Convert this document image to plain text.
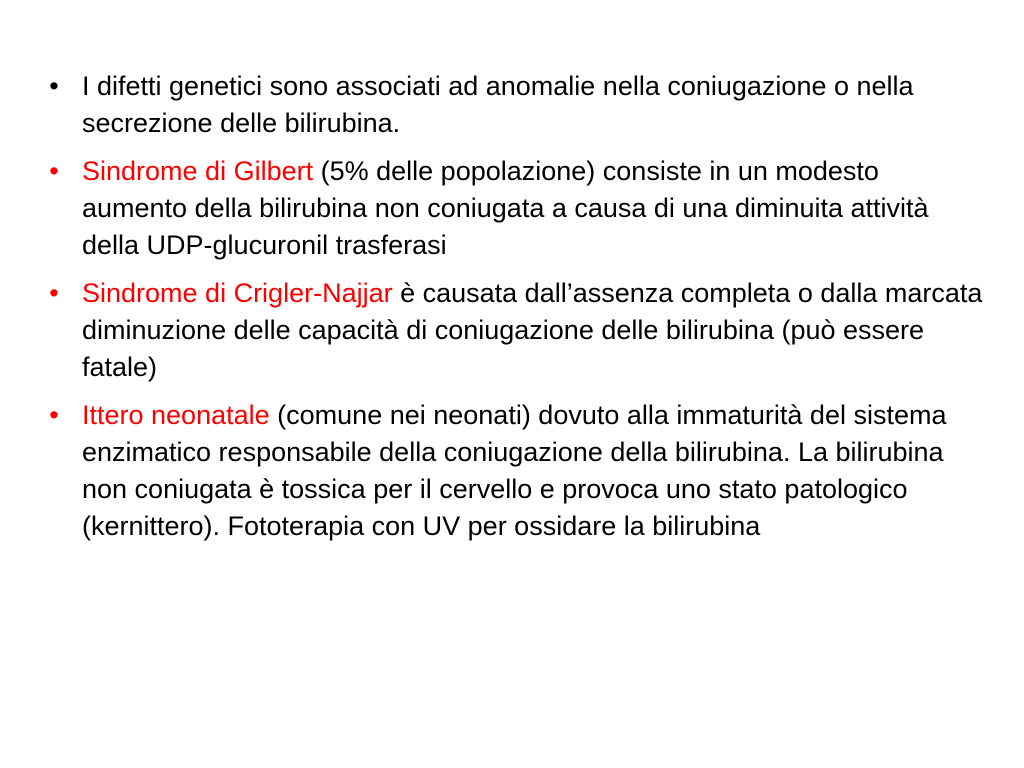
• I difetti genetici sono associati ad anomalie nella coniugazione o nella secrezione delle bilirubina.
• Sindrome di Gilbert (5% delle popolazione) consiste in un modesto aumento della bilirubina non coniugata a causa di una diminuita attività della UDP-glucuronil trasferasi
• Sindrome di Crigler-Najjar è causata dall’assenza completa o dalla marcata diminuzione delle capacità di coniugazione delle bilirubina (può essere fatale)
• Ittero neonatale (comune nei neonati) dovuto alla immaturità del sistema enzimatico responsabile della coniugazione della bilirubina. La bilirubina non coniugata è tossica per il cervello e provoca uno stato patologico (kernittero). Fototerapia con UV per ossidare la bilirubina
